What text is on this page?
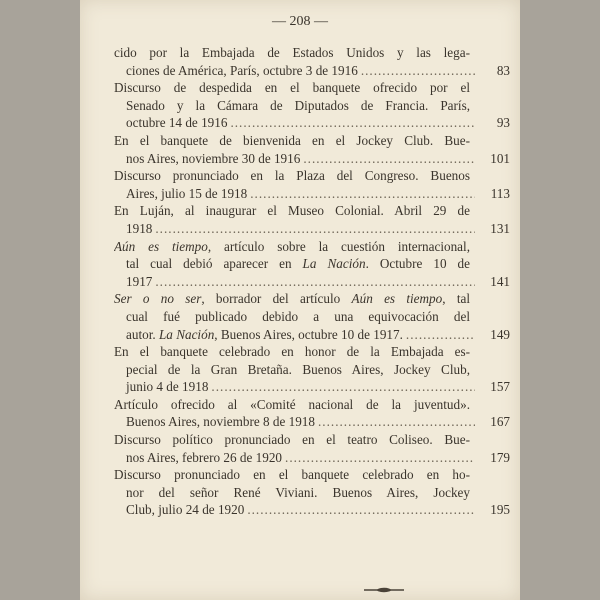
— 208 —
cido por la Embajada de Estados Unidos y las lega-
ciones de América, París, octubre 3 de 1916 .....	83
Discurso de despedida en el banquete ofrecido por el
Senado y la Cámara de Diputados de Francia. París,
octubre 14 de 1916 .....	93
En el banquete de bienvenida en el Jockey Club. Bue-
nos Aires, noviembre 30 de 1916 .....	101
Discurso pronunciado en la Plaza del Congreso. Buenos
Aires, julio 15 de 1918 .....	113
En Luján, al inaugurar el Museo Colonial. Abril 29 de
1918 .....	131
Aún es tiempo, artículo sobre la cuestión internacional,
tal cual debió aparecer en La Nación. Octubre 10 de
1917 .....	141
Ser o no ser, borrador del artículo Aún es tiempo, tal
cual fué publicado debido a una equivocación del
autor. La Nación, Buenos Aires, octubre 10 de 1917. .....	149
En el banquete celebrado en honor de la Embajada es-
pecial de la Gran Bretaña. Buenos Aires, Jockey Club,
junio 4 de 1918 .....	157
Artículo ofrecido al «Comité nacional de la juventud».
Buenos Aires, noviembre 8 de 1918 .....	167
Discurso político pronunciado en el teatro Coliseo. Bue-
nos Aires, febrero 26 de 1920 .....	179
Discurso pronunciado en el banquete celebrado en ho-
nor del señor René Viviani. Buenos Aires, Jockey
Club, julio 24 de 1920 .....	195
